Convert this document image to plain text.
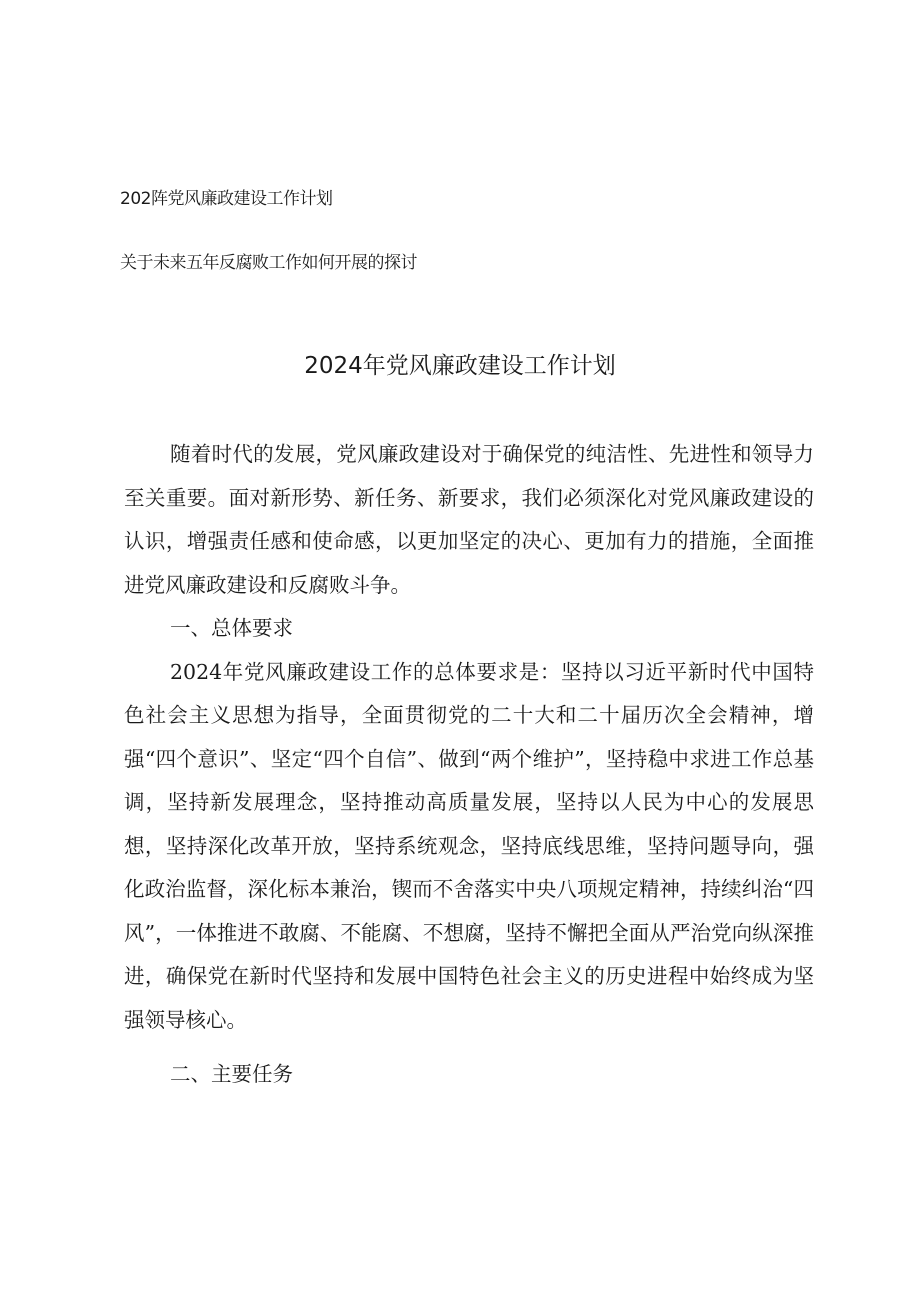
202阵党风廉政建设工作计划
关于未来五年反腐败工作如何开展的探讨
2024年党风廉政建设工作计划

随着时代的发展，党风廉政建设对于确保党的纯洁性、先进性和领导力至关重要。面对新形势、新任务、新要求，我们必须深化对党风廉政建设的认识，增强责任感和使命感，以更加坚定的决心、更加有力的措施，全面推进党风廉政建设和反腐败斗争。

一、总体要求

2024年党风廉政建设工作的总体要求是：坚持以习近平新时代中国特色社会主义思想为指导，全面贯彻党的二十大和二十届历次全会精神，增强“四个意识”、坚定“四个自信”、做到“两个维护”，坚持稳中求进工作总基调，坚持新发展理念，坚持推动高质量发展，坚持以人民为中心的发展思想，坚持深化改革开放，坚持系统观念，坚持底线思维，坚持问题导向，强化政治监督，深化标本兼治，锲而不舍落实中央八项规定精神，持续纠治“四风”，一体推进不敢腐、不能腐、不想腐，坚持不懈把全面从严治党向纵深推进，确保党在新时代坚持和发展中国特色社会主义的历史进程中始终成为坚强领导核心。

二、主要任务
